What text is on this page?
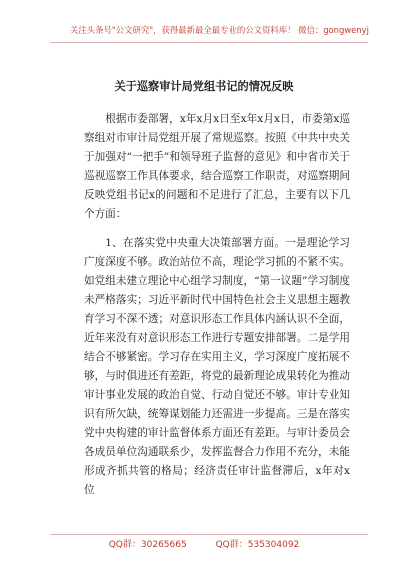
关注头条号"公文研究"，获得最新最全最专业的公文资料库！ 微信：gongwenyj
关于巡察审计局党组书记的情况反映

根据市委部署，x年x月x日至x年x月x日，市委第x巡察组对市审计局党组开展了常规巡察。按照《中共中央关于加强对“一把手”和领导班子监督的意见》和中省市关于巡视巡察工作具体要求，结合巡察工作职责，对巡察期间反映党组书记x的问题和不足进行了汇总，主要有以下几个方面：

1、在落实党中央重大决策部署方面。一是理论学习广度深度不够。政治站位不高，理论学习抓的不紧不实。如党组未建立理论中心组学习制度，“第一议题”学习制度未严格落实；习近平新时代中国特色社会主义思想主题教育学习不深不透；对意识形态工作具体内涵认识不全面，近年来没有对意识形态工作进行专题安排部署。二是学用结合不够紧密。学习存在实用主义，学习深度广度拓展不够，与时俱进还有差距，将党的最新理论成果转化为推动审计事业发展的政治自觉、行动自觉还不够。审计专业知识有所欠缺，统筹谋划能力还需进一步提高。三是在落实党中央构建的审计监督体系方面还有差距。与审计委员会各成员单位沟通联系少，发挥监督合力作用不充分，未能形成齐抓共管的格局；经济责任审计监督滞后，x年对x位

QQ群：30265665	QQ群：535304092
